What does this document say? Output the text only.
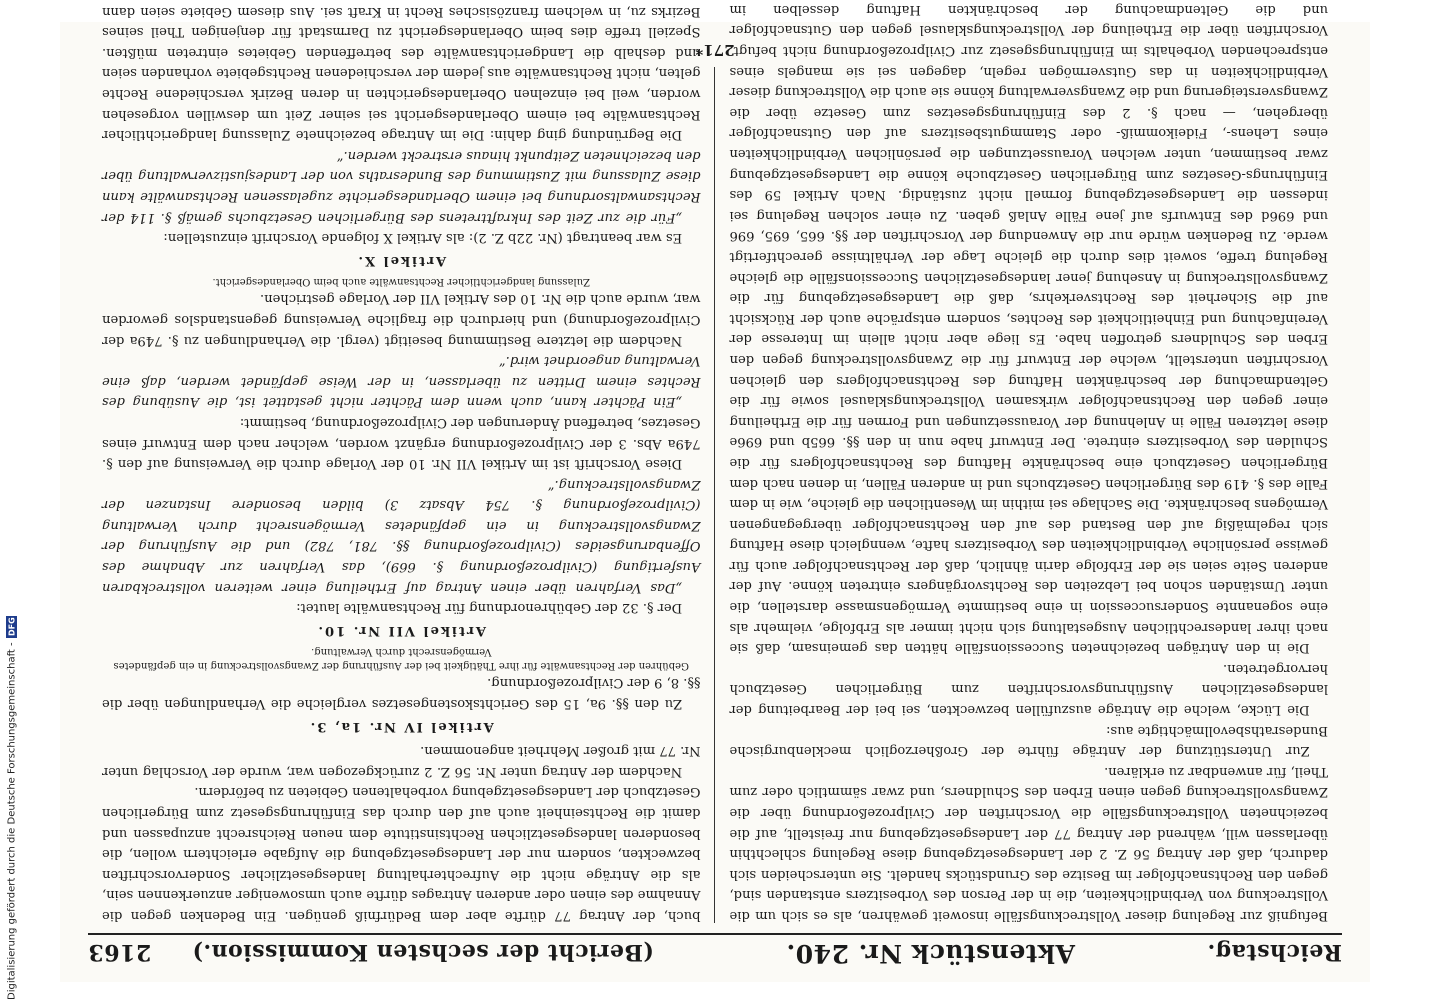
Reichstag.
Aktenstück Nr. 240.
(Bericht der sechsten Kommission.)     2163

Befugniß zur Regelung dieser Vollstreckungsfälle insoweit gewähren, als es sich um die Vollstreckung von Verbindlichkeiten, die in der Person des Vorbesitzers entstanden sind, gegen den Rechtsnachfolger im Besitze des Grundstücks handelt. Sie unterscheiden sich dadurch, daß der Antrag 56 Z. 2 der Landesgesetzgebung diese Regelung schlechthin überlassen will, während der Antrag 77 der Landesgesetzgebung nur freistellt, auf die bezeichneten Vollstreckungsfälle die Vorschriften der Civilprozeßordnung über die Zwangsvollstreckung gegen einen Erben des Schuldners, und zwar sämmtlich oder zum Theil, für anwendbar zu erklären.

Zur Unterstützung der Anträge führte der Großherzoglich mecklenburgische Bundesrathsbevollmächtigte aus:

Die Lücke, welche die Anträge auszufüllen bezweckten, sei bei der Bearbeitung der landesgesetzlichen Ausführungsvorschriften zum Bürgerlichen Gesetzbuch hervorgetreten.

Die in den Anträgen bezeichneten Successionsfälle hätten das gemeinsam, daß sie nach ihrer landesrechtlichen Ausgestaltung sich nicht immer als Erbfolge, vielmehr als eine sogenannte Sondersuccession in eine bestimmte Vermögensmasse darstellen, die unter Umständen schon bei Lebzeiten des Rechtsvorgängers eintreten könne. Auf der anderen Seite seien sie der Erbfolge darin ähnlich, daß der Rechtsnachfolger auch für gewisse persönliche Verbindlichkeiten des Vorbesitzers hafte, wenngleich diese Haftung sich regelmäßig auf den Bestand des auf den Rechtsnachfolger übergegangenen Vermögens beschränkte. Die Sachlage sei mithin im Wesentlichen die gleiche, wie in dem Falle des §. 419 des Bürgerlichen Gesetzbuchs und in anderen Fällen, in denen nach dem Bürgerlichen Gesetzbuch eine beschränkte Haftung des Rechtsnachfolgers für die Schulden des Vorbesitzers eintrete. Der Entwurf habe nun in den §§. 665b und 696e diese letzteren Fälle in Anlehnung der Voraussetzungen und Formen für die Ertheilung einer gegen den Rechtsnachfolger wirksamen Vollstreckungsklausel sowie für die Geltendmachung der beschränkten Haftung des Rechtsnachfolgers den gleichen Vorschriften unterstellt, welche der Entwurf für die Zwangsvollstreckung gegen den Erben des Schuldners getroffen habe. Es liege aber nicht allein im Interesse der Vereinfachung und Einheitlichkeit des Rechtes, sondern entspräche auch der Rücksicht auf die Sicherheit des Rechtsverkehrs, daß die Landesgesetzgebung für die Zwangsvollstreckung in Ansehung jener landesgesetzlichen Successionsfälle die gleiche Regelung treffe, soweit dies durch die gleiche Lage der Verhältnisse gerechtfertigt werde. Zu Bedenken würde nur die Anwendung der Vorschriften der §§. 665, 695, 696 und 696d des Entwurfs auf jene Fälle Anlaß geben. Zu einer solchen Regelung sei indessen die Landesgesetzgebung formell nicht zuständig. Nach Artikel 59 des Einführungs-Gesetzes zum Bürgerlichen Gesetzbuche könne die Landesgesetzgebung zwar bestimmen, unter welchen Voraussetzungen die persönlichen Verbindlichkeiten eines Lehens-, Fideikommiß- oder Stammgutsbesitzers auf den Gutsnachfolger übergehen, — nach §. 2 des Einführungsgesetzes zum Gesetze über die Zwangsversteigerung und die Zwangsverwaltung könne sie auch die Vollstreckung dieser Verbindlichkeiten in das Gutsvermögen regeln, dagegen sei sie mangels eines entsprechenden Vorbehalts im Einführungsgesetz zur Civilprozeßordnung nicht befugt, Vorschriften über die Ertheilung der Vollstreckungsklausel gegen den Gutsnachfolger und die Geltendmachung der beschränkten Haftung desselben im

buch, der Antrag 77 dürfte aber dem Bedürfniß genügen. Ein Bedenken gegen die Annahme des einen oder anderen Antrages dürfte auch umsoweniger anzuerkennen sein, als die Anträge nicht die Aufrechterhaltung landesgesetzlicher Sondervorschriften bezweckten, sondern nur der Landesgesetzgebung die Aufgabe erleichtern wollen, die besonderen landesgesetzlichen Rechtsinstitute dem neuen Reichsrecht anzupassen und damit die Rechtseinheit auch auf den durch das Einführungsgesetz zum Bürgerlichen Gesetzbuch der Landesgesetzgebung vorbehaltenen Gebieten zu befördern.

Nachdem der Antrag unter Nr. 56 Z. 2 zurückgezogen war, wurde der Vorschlag unter Nr. 77 mit großer Mehrheit angenommen.

Artikel IV Nr. 1a, 3.

Zu den §§. 9a, 15 des Gerichtskostengesetzes vergleiche die Verhandlungen über die §§. 8, 9 der Civilprozeßordnung.

Gebühren der Rechtsanwälte für ihre Thätigkeit bei der Ausführung der Zwangsvollstreckung in ein gepfändetes Vermögensrecht durch Verwaltung.
Artikel VII Nr. 10.

Der §. 32 der Gebührenordnung für Rechtsanwälte lautet:

„Das Verfahren über einen Antrag auf Ertheilung einer weiteren vollstreckbaren Ausfertigung (Civilprozeßordnung §. 669), das Verfahren zur Abnahme des Offenbarungseides (Civilprozeßordnung §§. 781, 782) und die Ausführung der Zwangsvollstreckung in ein gepfändetes Vermögensrecht durch Verwaltung (Civilprozeßordnung §. 754 Absatz 3) bilden besondere Instanzen der Zwangsvollstreckung.“

Diese Vorschrift ist im Artikel VII Nr. 10 der Vorlage durch die Verweisung auf den §. 749a Abs. 3 der Civilprozeßordnung ergänzt worden, welcher nach dem Entwurf eines Gesetzes, betreffend Änderungen der Civilprozeßordnung, bestimmt:

„Ein Pächter kann, auch wenn dem Pächter nicht gestattet ist, die Ausübung des Rechtes einem Dritten zu überlassen, in der Weise gepfändet werden, daß eine Verwaltung angeordnet wird.“

Nachdem die letztere Bestimmung beseitigt (vergl. die Verhandlungen zu §. 749a der Civilprozeßordnung) und hierdurch die fragliche Verweisung gegenstandslos geworden war, wurde auch die Nr. 10 des Artikel VII der Vorlage gestrichen.

Zulassung landgerichtlicher Rechtsanwälte auch beim Oberlandesgericht.
Artikel X.

Es war beantragt (Nr. 22b Z. 2): als Artikel X folgende Vorschrift einzustellen:

„Für die zur Zeit des Inkrafttretens des Bürgerlichen Gesetzbuchs gemäß §. 114 der Rechtsanwaltsordnung bei einem Oberlandesgerichte zugelassenen Rechtsanwälte kann diese Zulassung mit Zustimmung des Bundesraths von der Landesjustizverwaltung über den bezeichneten Zeitpunkt hinaus erstreckt werden.“

Die Begründung ging dahin: Die im Antrage bezeichnete Zulassung landgerichtlicher Rechtsanwälte bei einem Oberlandesgericht sei seiner Zeit um deswillen vorgesehen worden, weil bei einzelnen Oberlandesgerichten in deren Bezirk verschiedene Rechte gelten, nicht Rechtsanwälte aus jedem der verschiedenen Rechtsgebiete vorhanden seien und deshalb die Landgerichtsanwälte des betreffenden Gebietes eintreten müßten. Speziell treffe dies beim Oberlandesgericht zu Darmstadt für denjenigen Theil seines Bezirks zu, in welchem französisches Recht in Kraft sei. Aus diesem Gebiete seien dann

271*
Digitalisierung gefördert durch die Deutsche Forschungsgemeinschaft -
DFG
